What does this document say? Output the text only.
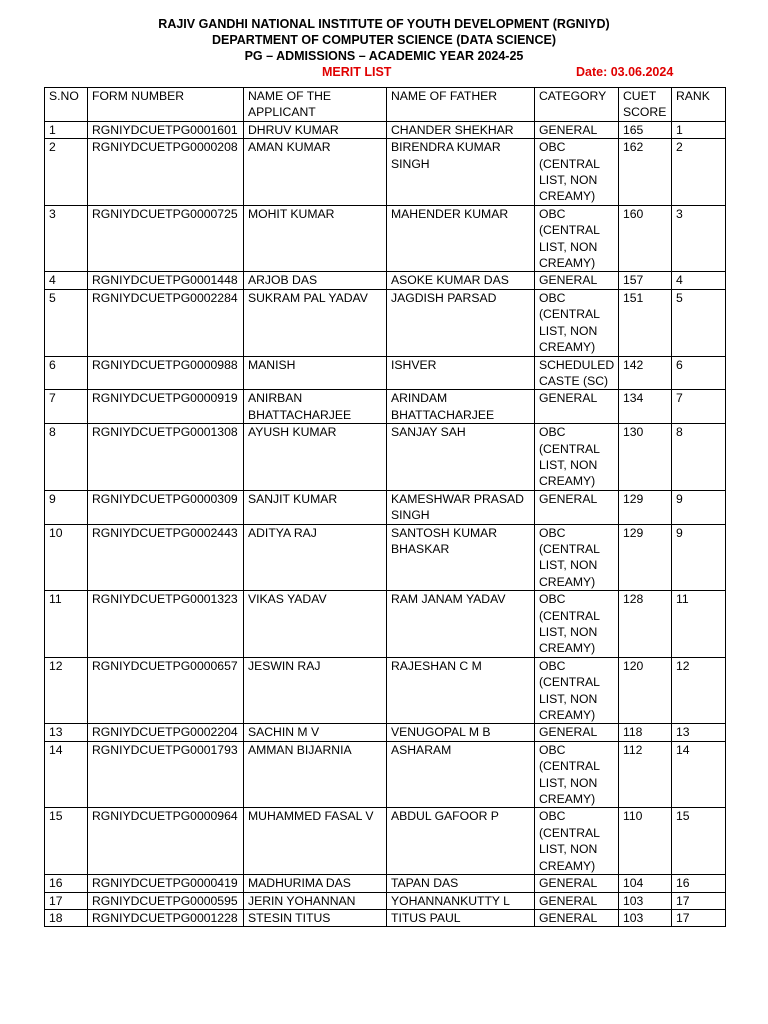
RAJIV GANDHI NATIONAL INSTITUTE OF YOUTH DEVELOPMENT (RGNIYD)
DEPARTMENT OF COMPUTER SCIENCE (DATA SCIENCE)
PG – ADMISSIONS – ACADEMIC YEAR 2024-25
MERIT LIST	Date: 03.06.2024
S.NO	FORM NUMBER	NAME OF THE APPLICANT	NAME OF FATHER	CATEGORY	CUET SCORE	RANK
1	RGNIYDCUETPG0001601	DHRUV KUMAR	CHANDER SHEKHAR	GENERAL	165	1
2	RGNIYDCUETPG0000208	AMAN KUMAR	BIRENDRA KUMAR SINGH	OBC (CENTRAL LIST, NON CREAMY)	162	2
3	RGNIYDCUETPG0000725	MOHIT KUMAR	MAHENDER KUMAR	OBC (CENTRAL LIST, NON CREAMY)	160	3
4	RGNIYDCUETPG0001448	ARJOB DAS	ASOKE KUMAR DAS	GENERAL	157	4
5	RGNIYDCUETPG0002284	SUKRAM PAL YADAV	JAGDISH PARSAD	OBC (CENTRAL LIST, NON CREAMY)	151	5
6	RGNIYDCUETPG0000988	MANISH	ISHVER	SCHEDULED CASTE (SC)	142	6
7	RGNIYDCUETPG0000919	ANIRBAN BHATTACHARJEE	ARINDAM BHATTACHARJEE	GENERAL	134	7
8	RGNIYDCUETPG0001308	AYUSH KUMAR	SANJAY SAH	OBC (CENTRAL LIST, NON CREAMY)	130	8
9	RGNIYDCUETPG0000309	SANJIT KUMAR	KAMESHWAR PRASAD SINGH	GENERAL	129	9
10	RGNIYDCUETPG0002443	ADITYA RAJ	SANTOSH KUMAR BHASKAR	OBC (CENTRAL LIST, NON CREAMY)	129	9
11	RGNIYDCUETPG0001323	VIKAS YADAV	RAM JANAM YADAV	OBC (CENTRAL LIST, NON CREAMY)	128	11
12	RGNIYDCUETPG0000657	JESWIN RAJ	RAJESHAN C M	OBC (CENTRAL LIST, NON CREAMY)	120	12
13	RGNIYDCUETPG0002204	SACHIN M V	VENUGOPAL M B	GENERAL	118	13
14	RGNIYDCUETPG0001793	AMMAN BIJARNIA	ASHARAM	OBC (CENTRAL LIST, NON CREAMY)	112	14
15	RGNIYDCUETPG0000964	MUHAMMED FASAL V	ABDUL GAFOOR P	OBC (CENTRAL LIST, NON CREAMY)	110	15
16	RGNIYDCUETPG0000419	MADHURIMA DAS	TAPAN DAS	GENERAL	104	16
17	RGNIYDCUETPG0000595	JERIN YOHANNAN	YOHANNANKUTTY L	GENERAL	103	17
18	RGNIYDCUETPG0001228	STESIN TITUS	TITUS PAUL	GENERAL	103	17
